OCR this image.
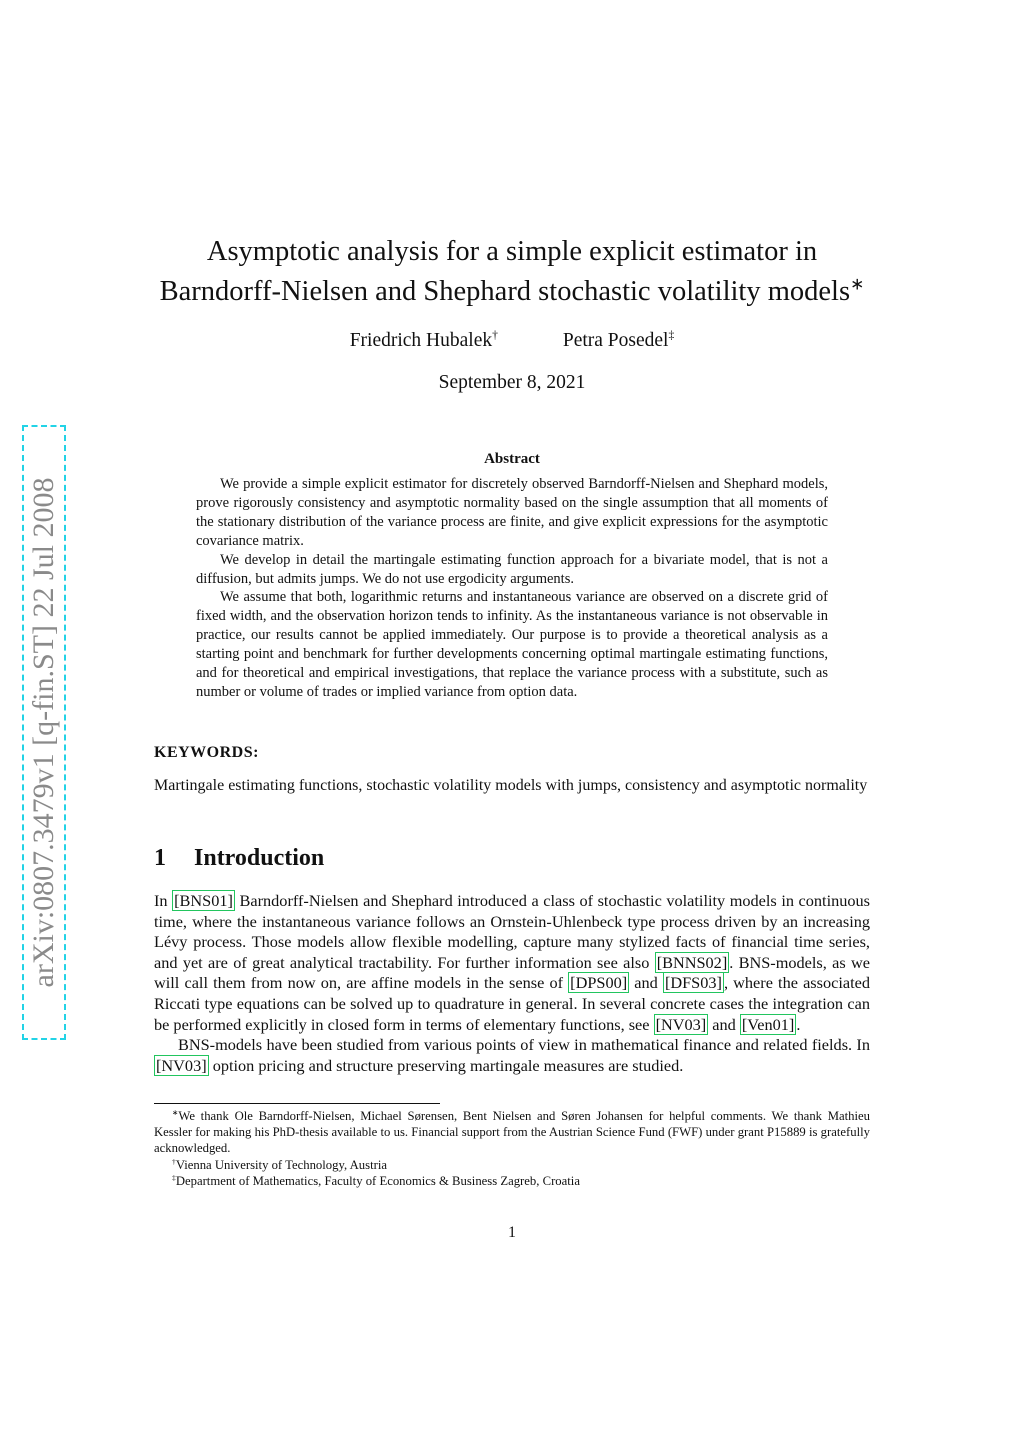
arXiv:0807.3479v1 [q-fin.ST] 22 Jul 2008
Asymptotic analysis for a simple explicit estimator in
Barndorff-Nielsen and Shephard stochastic volatility models∗
Friedrich Hubalek†	Petra Posedel‡
September 8, 2021
Abstract

We provide a simple explicit estimator for discretely observed Barndorff-Nielsen and Shephard models, prove rigorously consistency and asymptotic normality based on the single assumption that all moments of the stationary distribution of the variance process are finite, and give explicit expressions for the asymptotic covariance matrix.

We develop in detail the martingale estimating function approach for a bivariate model, that is not a diffusion, but admits jumps. We do not use ergodicity arguments.

We assume that both, logarithmic returns and instantaneous variance are observed on a discrete grid of fixed width, and the observation horizon tends to infinity. As the instantaneous variance is not observable in practice, our results cannot be applied immediately. Our purpose is to provide a theoretical analysis as a starting point and benchmark for further developments concerning optimal martingale estimating functions, and for theoretical and empirical investigations, that replace the variance process with a substitute, such as number or volume of trades or implied variance from option data.

KEYWORDS:
Martingale estimating functions, stochastic volatility models with jumps, consistency and asymptotic normality
1 Introduction

In [BNS01] Barndorff-Nielsen and Shephard introduced a class of stochastic volatility models in continuous time, where the instantaneous variance follows an Ornstein-Uhlenbeck type process driven by an increasing Lévy process. Those models allow flexible modelling, capture many stylized facts of financial time series, and yet are of great analytical tractability. For further information see also [BNNS02] . BNS-models, as we will call them from now on, are affine models in the sense of [DPS00] and [DFS03] , where the associated Riccati type equations can be solved up to quadrature in general. In several concrete cases the integration can be performed explicitly in closed form in terms of elementary functions, see [NV03] and [Ven01] .

BNS-models have been studied from various points of view in mathematical finance and related fields. In [NV03] option pricing and structure preserving martingale measures are studied.

∗We thank Ole Barndorff-Nielsen, Michael Sørensen, Bent Nielsen and Søren Johansen for helpful comments. We thank Mathieu Kessler for making his PhD-thesis available to us. Financial support from the Austrian Science Fund (FWF) under grant P15889 is gratefully acknowledged.

†Vienna University of Technology, Austria

‡Department of Mathematics, Faculty of Economics & Business Zagreb, Croatia

1
